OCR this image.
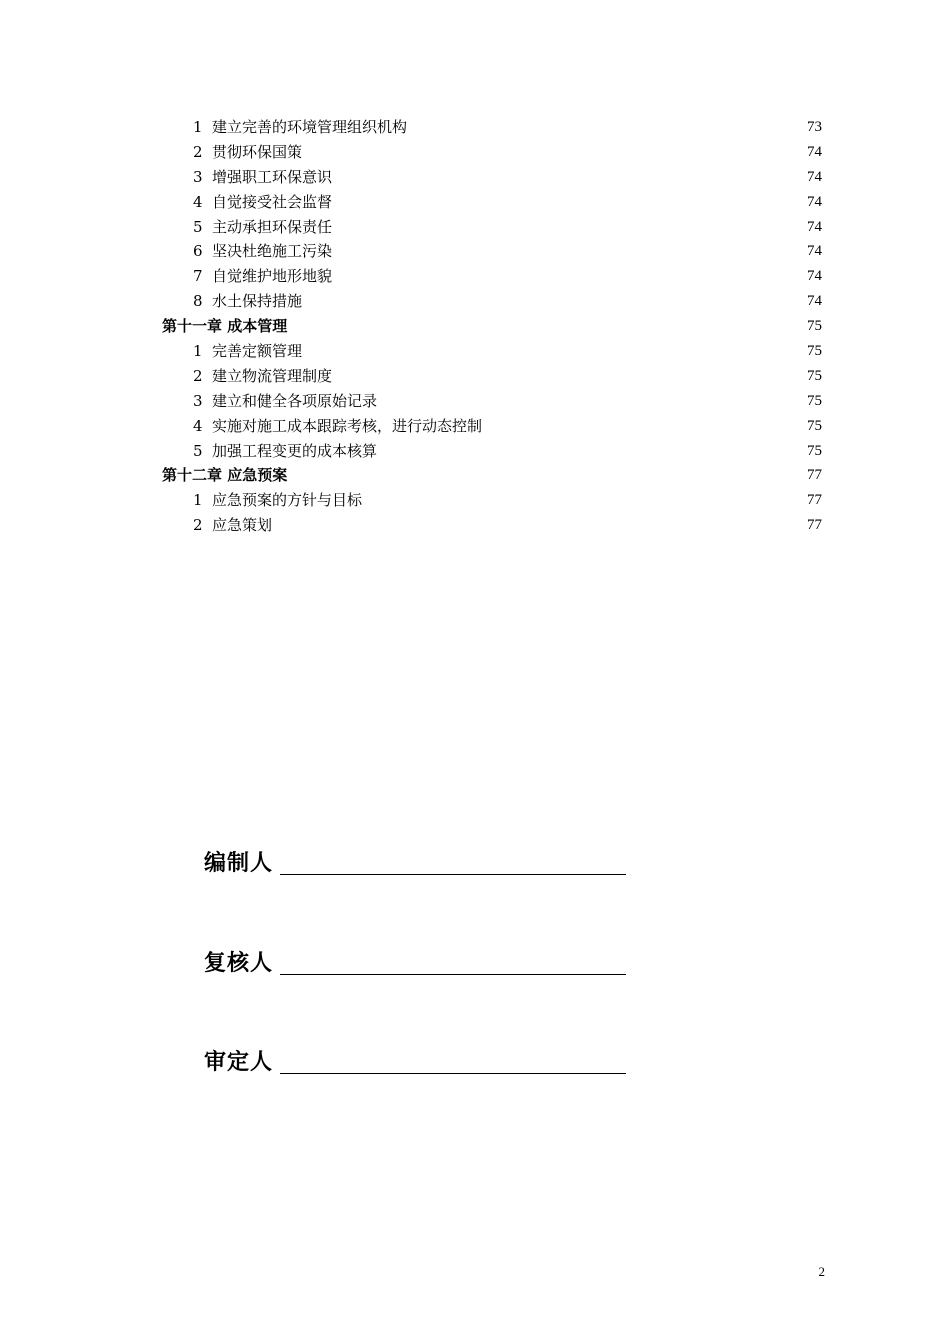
1 建立完善的环境管理组织机构	73
2 贯彻环保国策	74
3 增强职工环保意识	74
4 自觉接受社会监督	74
5 主动承担环保责任	74
6 坚决杜绝施工污染	74
7 自觉维护地形地貌	74
8 水土保持措施	74
第十一章 成本管理	75
1 完善定额管理	75
2 建立物流管理制度	75
3 建立和健全各项原始记录	75
4 实施对施工成本跟踪考核，进行动态控制	75
5 加强工程变更的成本核算	75
第十二章 应急预案	77
1 应急预案的方针与目标	77
2 应急策划	77
编制人
复核人
审定人
2
